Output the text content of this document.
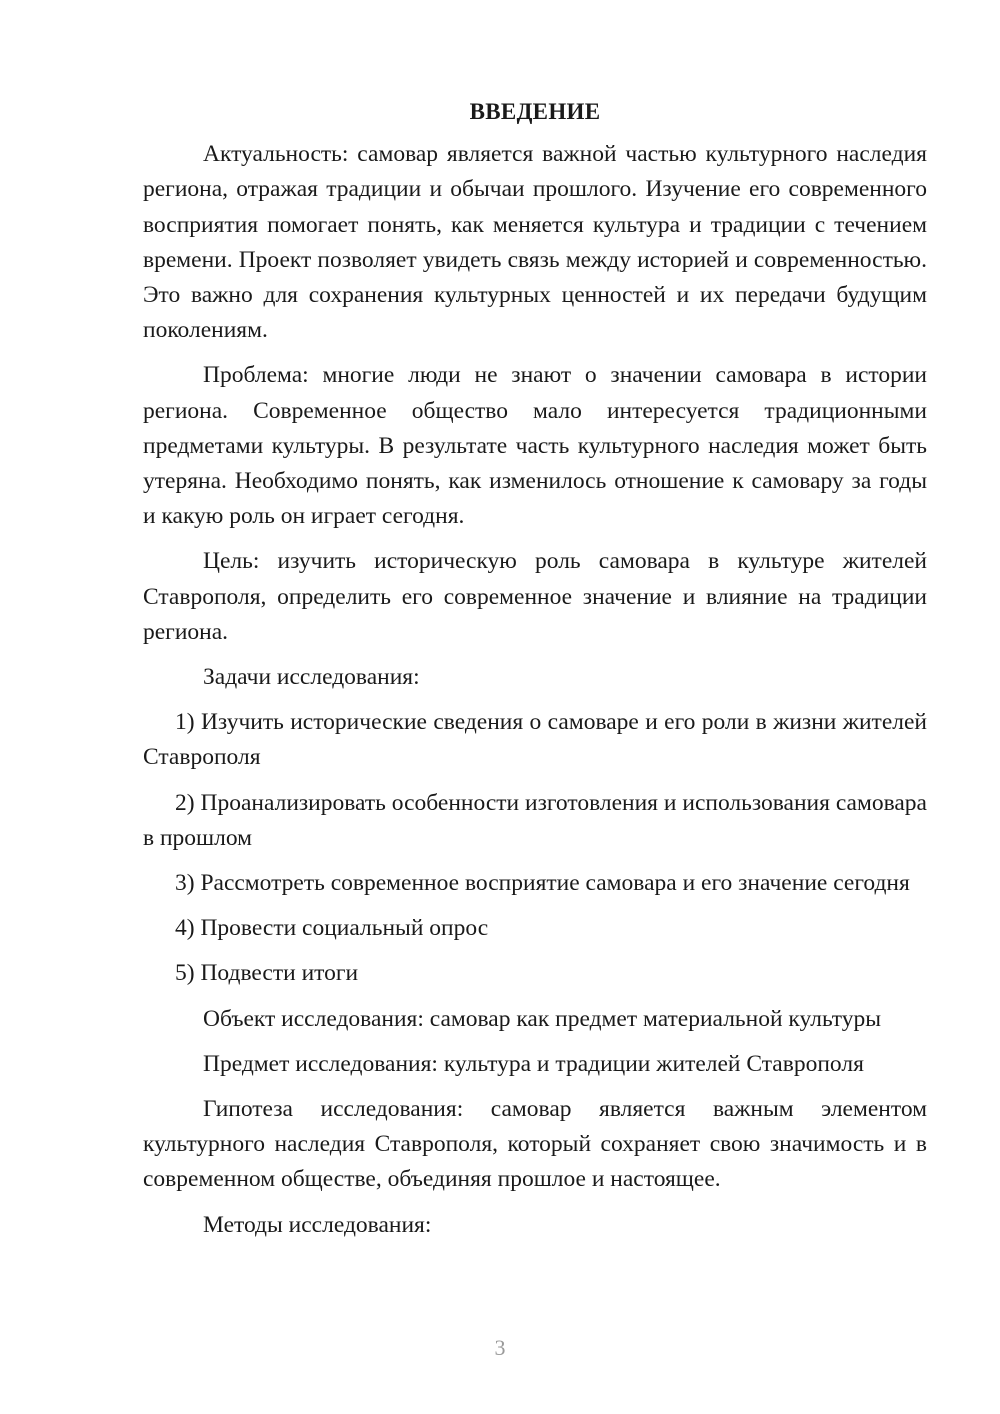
ВВЕДЕНИЕ

Актуальность: самовар является важной частью культурного наследия региона, отражая традиции и обычаи прошлого. Изучение его современного восприятия помогает понять, как меняется культура и традиции с течением времени. Проект позволяет увидеть связь между историей и современностью. Это важно для сохранения культурных ценностей и их передачи будущим поколениям.

Проблема: многие люди не знают о значении самовара в истории региона. Современное общество мало интересуется традиционными предметами культуры. В результате часть культурного наследия может быть утеряна. Необходимо понять, как изменилось отношение к самовару за годы и какую роль он играет сегодня.

Цель: изучить историческую роль самовара в культуре жителей Ставрополя, определить его современное значение и влияние на традиции региона.

Задачи исследования:

1) Изучить исторические сведения о самоваре и его роли в жизни жителей Ставрополя

2) Проанализировать особенности изготовления и использования самовара в прошлом

3) Рассмотреть современное восприятие самовара и его значение сегодня

4) Провести социальный опрос

5) Подвести итоги

Объект исследования: самовар как предмет материальной культуры

Предмет исследования: культура и традиции жителей Ставрополя

Гипотеза исследования: самовар является важным элементом культурного наследия Ставрополя, который сохраняет свою значимость и в современном обществе, объединяя прошлое и настоящее.

Методы исследования:

3
